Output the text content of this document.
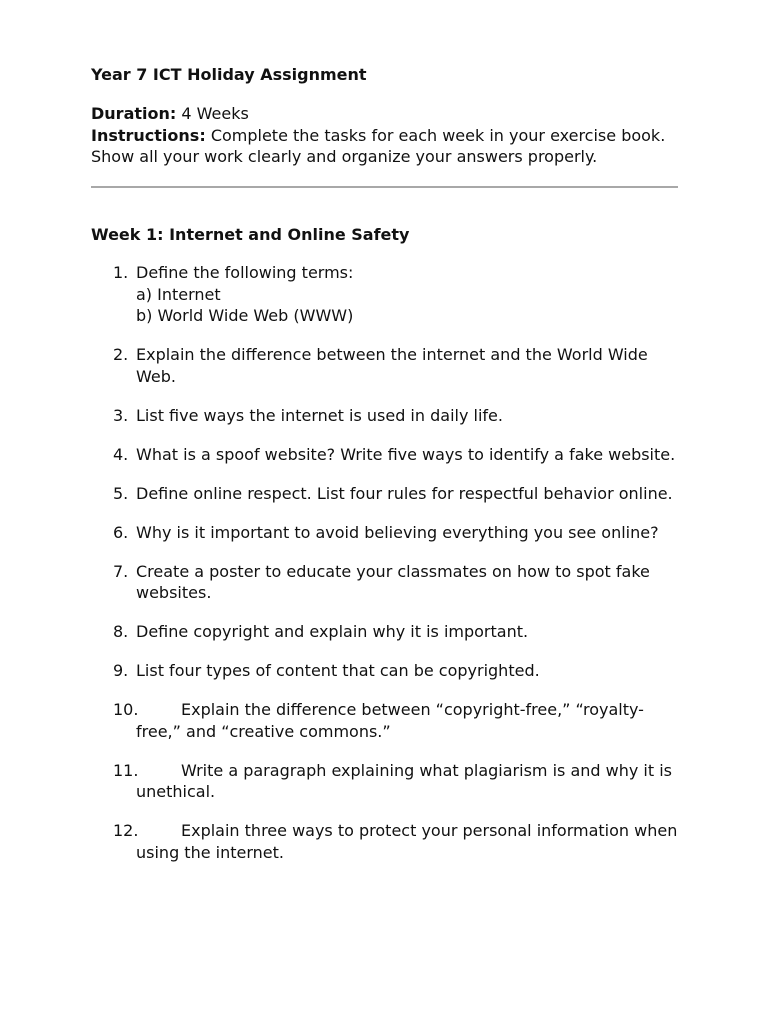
Year 7 ICT Holiday Assignment

Duration: 4 Weeks

Instructions: Complete the tasks for each week in your exercise book.

Show all your work clearly and organize your answers properly.

Week 1: Internet and Online Safety
1. Define the following terms:
a) Internet
b) World Wide Web (WWW)
2. Explain the difference between the internet and the World Wide Web.
3. List five ways the internet is used in daily life.
4. What is a spoof website? Write five ways to identify a fake website.
5. Define online respect. List four rules for respectful behavior online.
6. Why is it important to avoid believing everything you see online?
7. Create a poster to educate your classmates on how to spot fake websites.
8. Define copyright and explain why it is important.
9. List four types of content that can be copyrighted.
10.	Explain the difference between “copyright-free,” “royalty-free,” and “creative commons.”
11.	Write a paragraph explaining what plagiarism is and why it is unethical.
12.	Explain three ways to protect your personal information when using the internet.
